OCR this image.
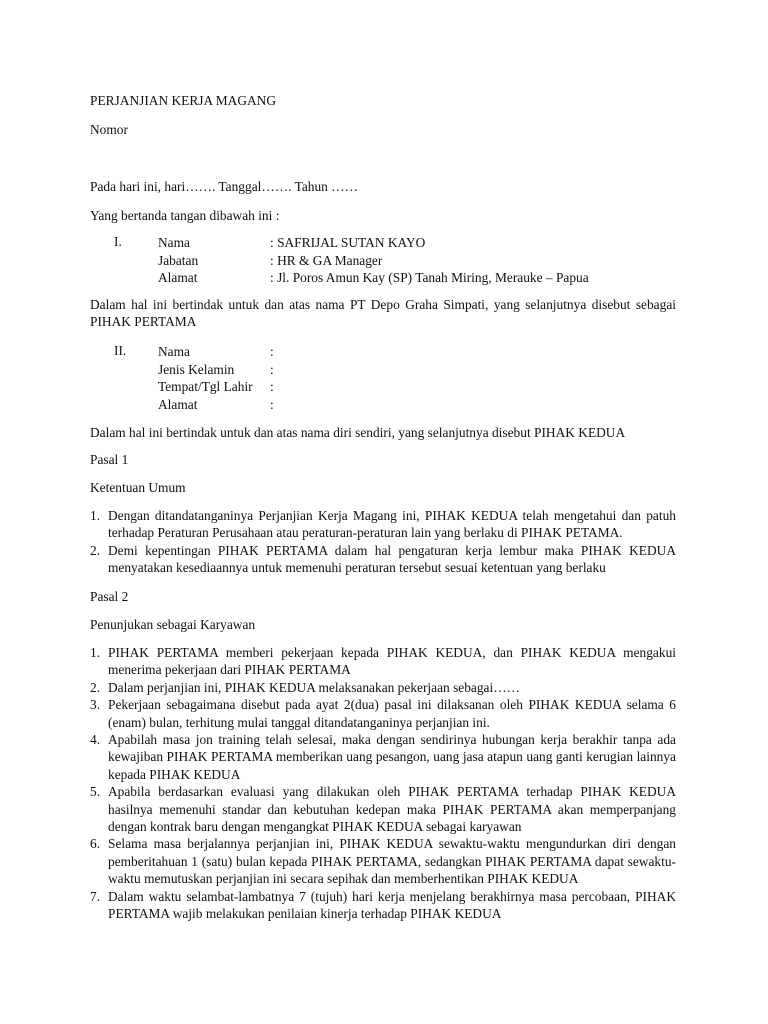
PERJANJIAN KERJA MAGANG
Nomor
Pada hari ini, hari……. Tanggal……. Tahun ……
Yang bertanda tangan dibawah ini :
I.	Nama	: SAFRIJAL SUTAN KAYO
Jabatan	: HR & GA Manager
Alamat	: Jl. Poros Amun Kay (SP) Tanah Miring, Merauke – Papua
Dalam hal ini bertindak untuk dan atas nama PT Depo Graha Simpati, yang selanjutnya disebut sebagai PIHAK PERTAMA
II. Nama	:
Jenis Kelamin	:
Tempat/Tgl Lahir :
Alamat	:
Dalam hal ini bertindak untuk dan atas nama diri sendiri, yang selanjutnya disebut PIHAK KEDUA
Pasal 1
Ketentuan Umum
1. Dengan ditandatanganinya Perjanjian Kerja Magang ini, PIHAK KEDUA telah mengetahui dan patuh terhadap Peraturan Perusahaan atau peraturan-peraturan lain yang berlaku di PIHAK PETAMA.
2. Demi kepentingan PIHAK PERTAMA dalam hal pengaturan kerja lembur maka PIHAK KEDUA menyatakan kesediaannya untuk memenuhi peraturan tersebut sesuai ketentuan yang berlaku
Pasal 2
Penunjukan sebagai Karyawan
1. PIHAK PERTAMA memberi pekerjaan kepada PIHAK KEDUA, dan PIHAK KEDUA mengakui menerima pekerjaan dari PIHAK PERTAMA
2. Dalam perjanjian ini, PIHAK KEDUA melaksanakan pekerjaan sebagai……
3. Pekerjaan sebagaimana disebut pada ayat 2(dua) pasal ini dilaksanan oleh PIHAK KEDUA selama 6 (enam) bulan, terhitung mulai tanggal ditandatanganinya perjanjian ini.
4. Apabilah masa jon training telah selesai, maka dengan sendirinya hubungan kerja berakhir tanpa ada kewajiban PIHAK PERTAMA memberikan uang pesangon, uang jasa atapun uang ganti kerugian lainnya kepada PIHAK KEDUA
5. Apabila berdasarkan evaluasi yang dilakukan oleh PIHAK PERTAMA terhadap PIHAK KEDUA hasilnya memenuhi standar dan kebutuhan kedepan maka PIHAK PERTAMA akan memperpanjang dengan kontrak baru dengan mengangkat PIHAK KEDUA sebagai karyawan
6. Selama masa berjalannya perjanjian ini, PIHAK KEDUA sewaktu-waktu mengundurkan diri dengan pemberitahuan 1 (satu) bulan kepada PIHAK PERTAMA, sedangkan PIHAK PERTAMA dapat sewaktu-waktu memutuskan perjanjian ini secara sepihak dan memberhentikan PIHAK KEDUA
7. Dalam waktu selambat-lambatnya 7 (tujuh) hari kerja menjelang berakhirnya masa percobaan, PIHAK PERTAMA wajib melakukan penilaian kinerja terhadap PIHAK KEDUA
